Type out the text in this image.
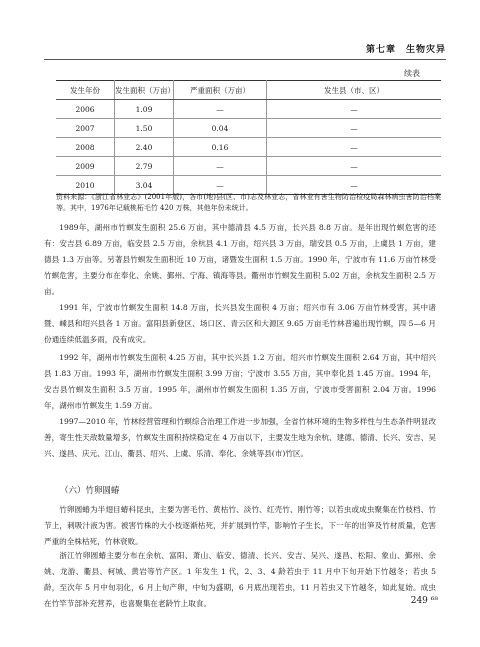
第七章　生物灾异
续表
发生年份	发生面积（万亩）	严重面积（万亩）	发生县（市、区）
2006	1.09	—	—
2007	1.50	0.04	—
2008	2.40	0.16	—
2009	2.79	—	—
2010	3.04	—	—
资料来源：《浙江省林业志》(2001年版)，各市(地)县(区、市)志及林业志，省林业有害生物防治检疫局森林病虫害防治档案等。其中，1976年记载桃柘毛竹 420 万株，其他年份未统计。

1989年，湖州市竹螟发生面积 25.6 万亩，其中德清县 4.5 万亩，长兴县 8.8 万亩。是年出现竹螟危害的还有：安吉县 6.89 万亩，临安县 2.5 万亩，余杭县 4.1 万亩，绍兴县 3 万亩，瑞安县 0.5 万亩，上虞县 1 万亩，建德县 1.3 万亩等。另著县竹螟发生面积近 10 万亩，诸暨发生面积 1.5 万亩。1990 年，宁波市有 11.6 万亩竹林受竹螟危害，主要分布在奉化、余姚、鄞州、宁海、镇海等县。衢州市竹螟发生面积 5.02 万亩，余杭发生面积 2.5 万亩。

1991 年，宁波市竹螟发生面积 14.8 万亩，长兴县发生面积 4 万亩；绍兴市有 3.06 万亩竹林受害，其中诸暨、嵊县和绍兴县各 1 万亩。富阳县新登区、场口区、青云区和大源区 9.65 万亩毛竹林普遍出现竹螟，四 5—6 月份通连续低温多雨，没有成灾。

1992 年，湖州市竹螟发生面积 4.25 万亩，其中长兴县 1.2 万亩。绍兴市竹螟发生面积 2.64 万亩，其中绍兴县 1.83 万亩。1993 年，湖州市竹螟发生面积 3.99 万亩；宁波市 3.55 万亩，其中奉化县 1.45 万亩。1994 年，安吉县竹螟发生面积 3.5 万亩。1995 年，湖州市竹螟发生面积 1.35 万亩，宁波市受害面积 2.04 万亩。1996 年，湖州市竹螟发生 1.59 万亩。

1997—2010 年，竹林经营管理和竹螟综合治理工作进一步加强，全省竹林环境的生物多样性与生态条件明显改善，寄生性天敌数量增多，竹螟发生面积持续稳定在 4 万亩以下，主要发生地为余杭、建德、德清、长兴、安吉、吴兴、遂昌、庆元、江山、衢县、绍兴、上虞、乐清、奉化、余姚等县(市)竹区。

（六）竹卵圆蝽

竹卵圆蝽为半翅目蝽科昆虫，主要为害毛竹、黄枯竹、淡竹、红壳竹、刚竹等；以若虫或成虫聚集在竹枝档、竹节上，刺吸汁液为害。被害竹株的大小枝逐渐枯死，并扩展到竹竿，影响竹子生长，下一年的出笋及竹材质量，危害严重的全株枯死，竹林衰败。

浙江竹卵圆蝽主要分布在余杭、富阳、萧山、临安、德清、长兴、安吉、吴兴、遂昌、松阳、象山、鄞州、余姚、龙游、衢县、柯城、黄岩等竹产区。1 年发生 1 代，2、3、4 龄若虫于 11 月中下旬开始下竹越冬；若虫 5 龄，至次年 5 月中旬羽化，6 月上旬产卵，中旬为盛期，6 月底出现若虫，11 月若虫又下竹越冬，如此复始。成虫在竹竿节部补充营养，也喜聚集在老龄竹上取食。	249 ⁶⁸
